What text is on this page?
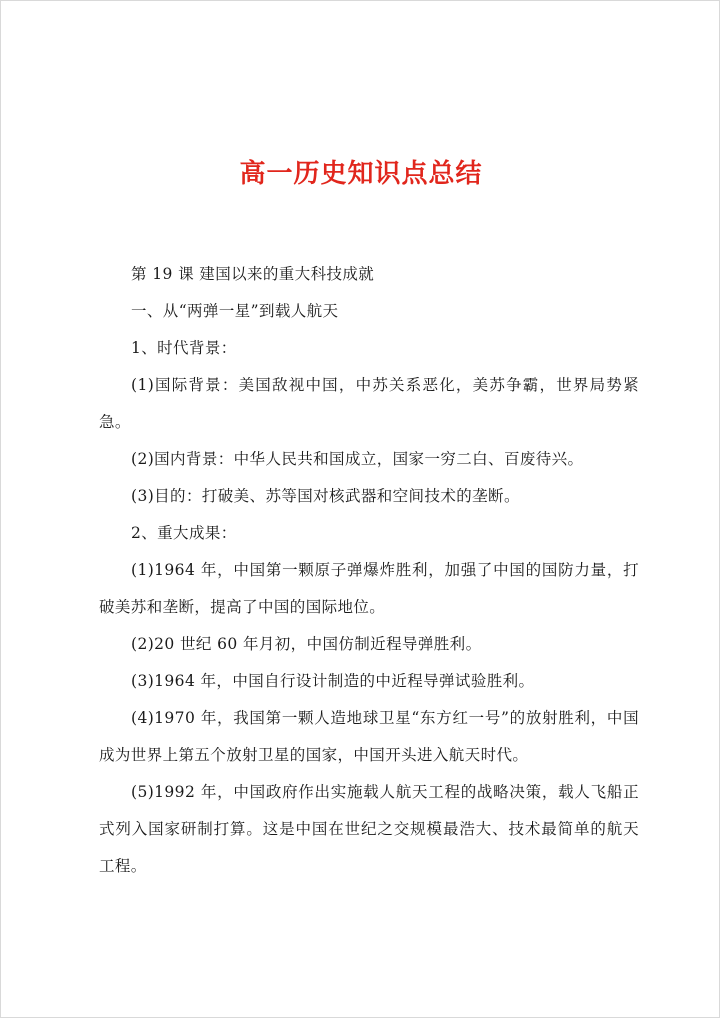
高一历史知识点总结

第 19 课 建国以来的重大科技成就

一、从“两弹一星”到载人航天

1、时代背景：

(1)国际背景：美国敌视中国，中苏关系恶化，美苏争霸，世界局势紧急。

(2)国内背景：中华人民共和国成立，国家一穷二白、百废待兴。

(3)目的：打破美、苏等国对核武器和空间技术的垄断。

2、重大成果：

(1)1964 年，中国第一颗原子弹爆炸胜利，加强了中国的国防力量，打破美苏和垄断，提高了中国的国际地位。

(2)20 世纪 60 年月初，中国仿制近程导弹胜利。

(3)1964 年，中国自行设计制造的中近程导弹试验胜利。

(4)1970 年，我国第一颗人造地球卫星“东方红一号”的放射胜利，中国成为世界上第五个放射卫星的国家，中国开头进入航天时代。

(5)1992 年，中国政府作出实施载人航天工程的战略决策，载人飞船正式列入国家研制打算。这是中国在世纪之交规模最浩大、技术最简单的航天工程。
